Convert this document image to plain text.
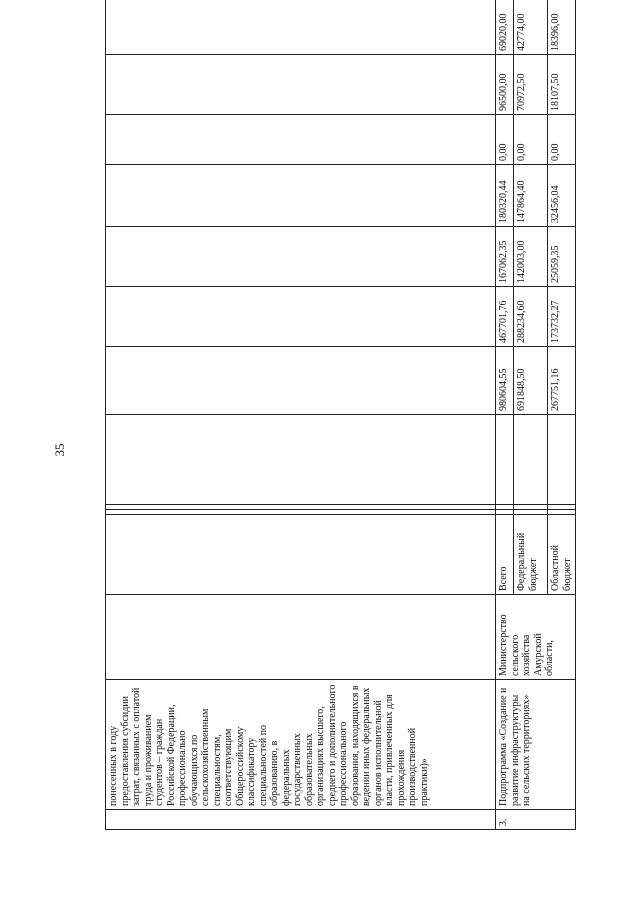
35
	понесенных в году предоставления субсидии затрат, связанных с оплатой труда и проживанием студентов – граждан Российской Федерации, профессионально обучающихся по сельскохозяйственным специальностям, соответствующим Общероссийскому классификатору специальностей по образованию, в федеральных государственных образовательных организациях высшего, среднего и дополнительного профессионального образования, находящихся в ведении иных федеральных органов исполнительной власти, привлеченных для прохождения производственной практики)»												
3.	Подпрограмма «Создание и развитие инфраструктуры на сельских территориях»	Министерство сельского хозяйства Амурской области,	Всего				980604,55	467701,76	167062,35	180320,44	0,00	96500,00	69020,00
			Федеральный бюджет				691848,50	288234,60	142003,00	147864,40	0,00	70972,50	42774,00
			Областной бюджет				267751,16	173732,27	25059,35	32456,04	0,00	18107,50	18396,00
